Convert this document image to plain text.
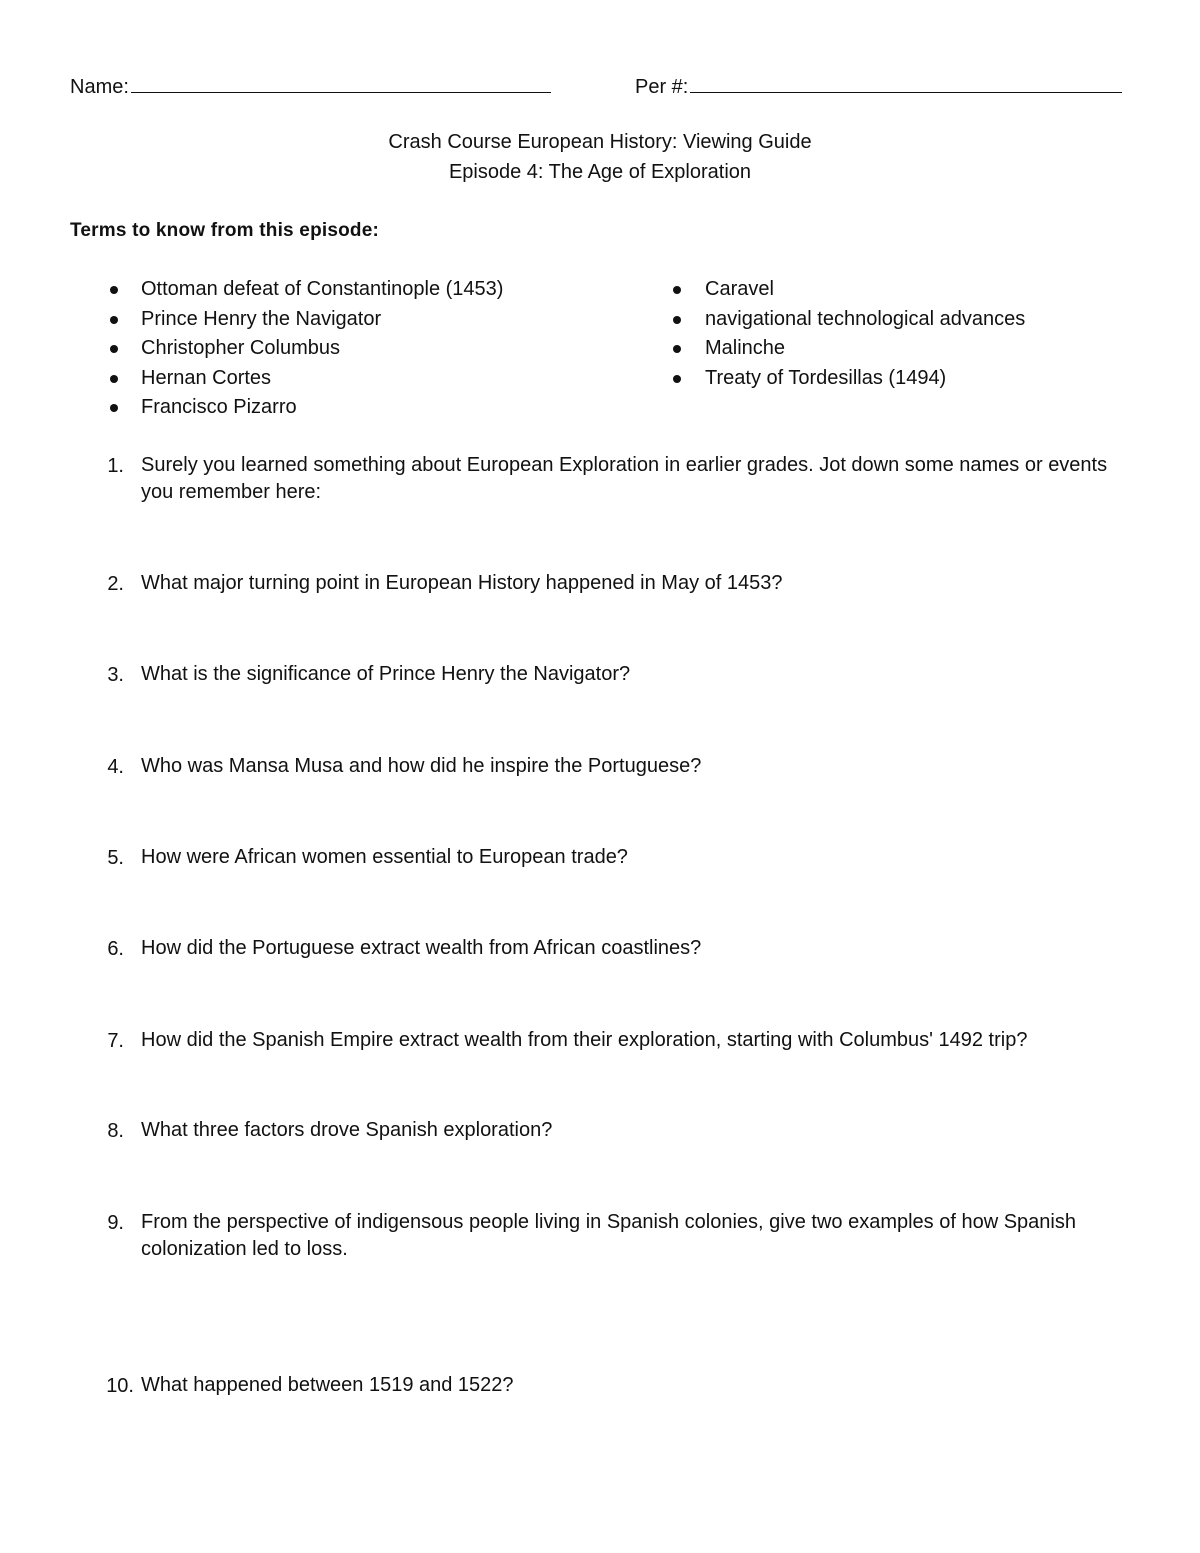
Name:	Per #:
Crash Course European History: Viewing Guide
Episode 4: The Age of Exploration
Terms to know from this episode:
Ottoman defeat of Constantinople (1453)
Prince Henry the Navigator
Christopher Columbus
Hernan Cortes
Francisco Pizarro
Caravel
navigational technological advances
Malinche
Treaty of Tordesillas (1494)
1. Surely you learned something about European Exploration in earlier grades. Jot down some names or events you remember here:
2. What major turning point in European History happened in May of 1453?
3. What is the significance of Prince Henry the Navigator?
4. Who was Mansa Musa and how did he inspire the Portuguese?
5. How were African women essential to European trade?
6. How did the Portuguese extract wealth from African coastlines?
7. How did the Spanish Empire extract wealth from their exploration, starting with Columbus' 1492 trip?
8. What three factors drove Spanish exploration?
9. From the perspective of indigensous people living in Spanish colonies, give two examples of how Spanish colonization led to loss.
10. What happened between 1519 and 1522?
